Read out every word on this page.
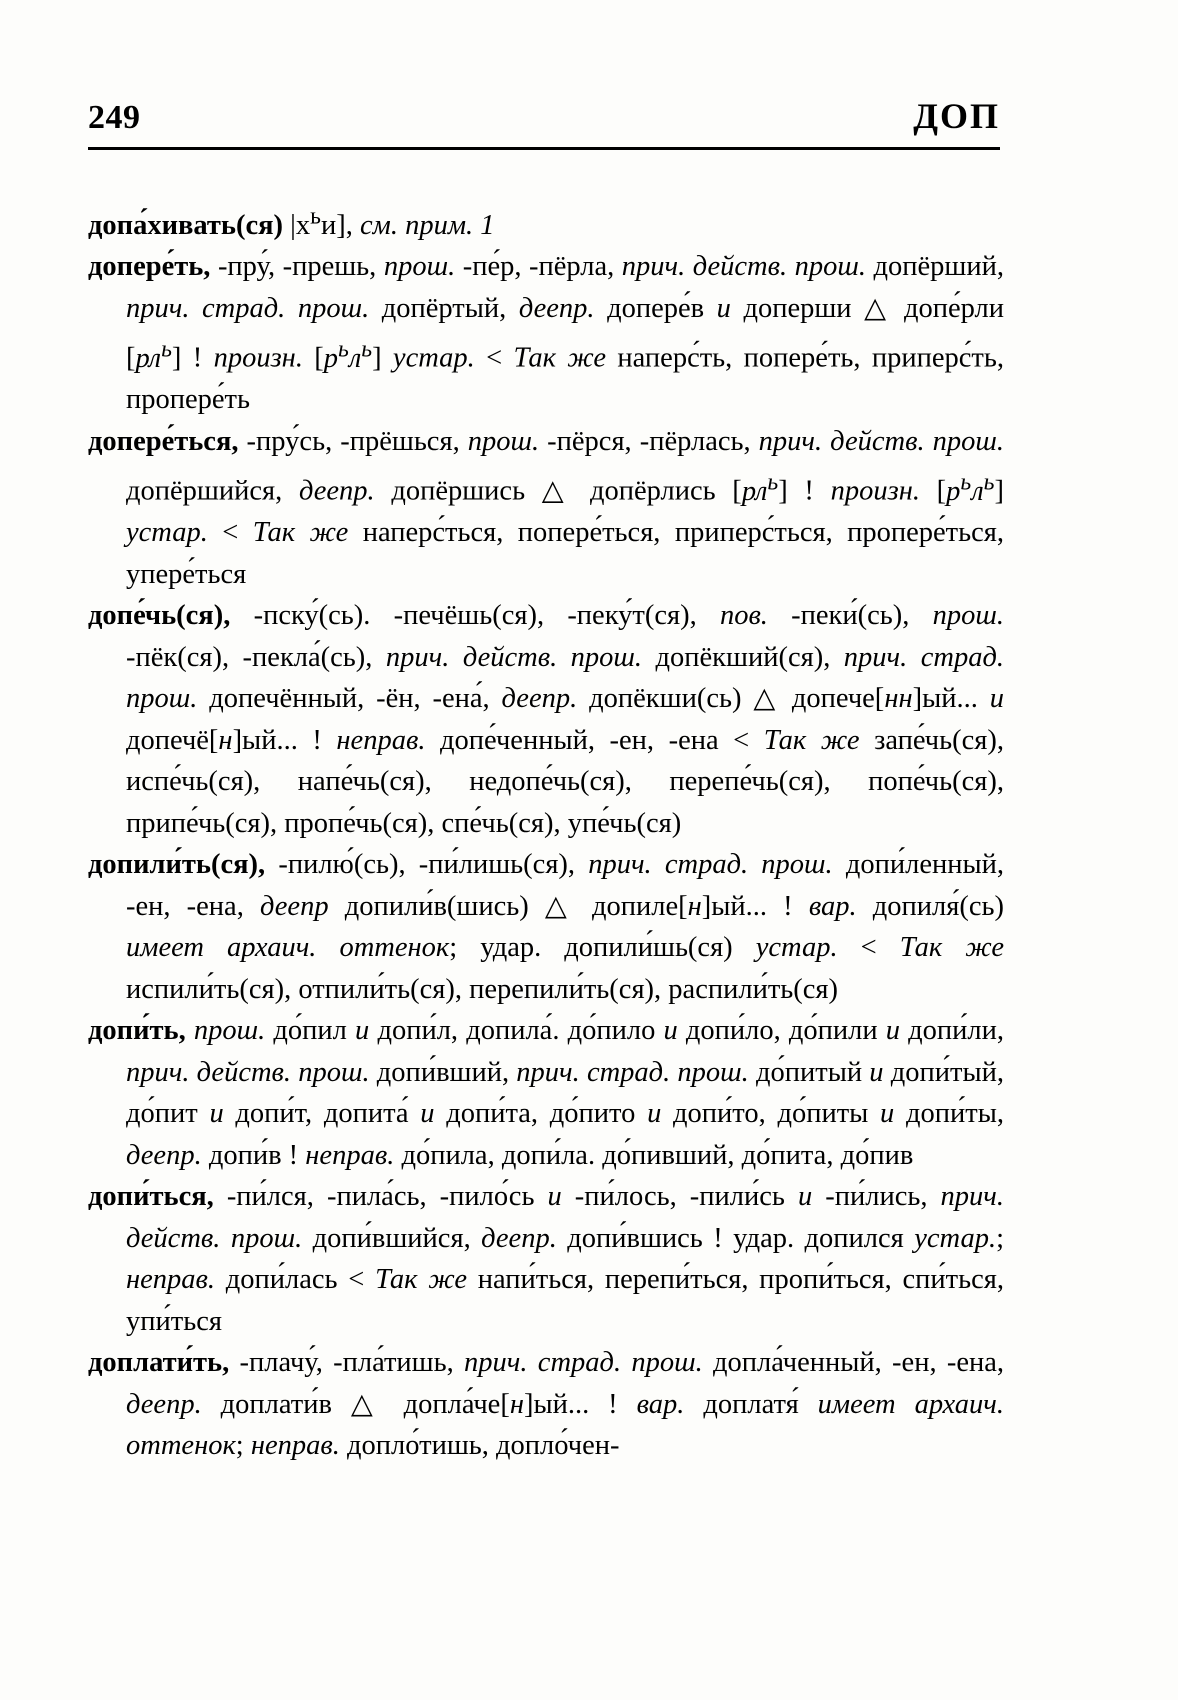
249	ДОП
допа́хивать(ся) $|х^ьи$], см. прим. 1
допере́ть, -пру́, -прешь, прош. -пе́р, -пёрла, прич. действ. прош. допёрший, прич. страд. прош. допёртый, деепр. допере́в и доперши △ допе́рли $[рл^ь]$ ! произн. $[р^ьл^ь]$ устар. < Так же наперс́ть, попере́ть, приперс́ть, пропере́ть
допере́ться, -пру́сь, -прёшься, прош. -пёрся, -пёрлась, прич. действ. прош. допёршийся, деепр. допёршись △ допёрлись $[рл^ь]$ ! произн. $[р^ьл^ь]$ устар. < Так же наперс́ться, попере́ться, приперс́ться, пропере́ться, упере́ться
допе́чь(ся), -пску́(сь). -печёшь(ся), -пеку́т(ся), пов. -пеки́(сь), прош. -пёк(ся), -пекла́(сь), прич. действ. прош. допёкший(ся), прич. страд. прош. допечённый, -ён, -ена́, деепр. допёкши(сь) △ допече[нн]ый... и допечё[н]ый... ! неправ. допе́ченный, -ен, -ена < Так же запе́чь(ся), испе́чь(ся), напе́чь(ся), недопе́чь(ся), перепе́чь(ся), попе́чь(ся), припе́чь(ся), пропе́чь(ся), спе́чь(ся), упе́чь(ся)
допили́ть(ся), -пилю́(сь), -пи́лишь(ся), прич. страд. прош. допи́ленный, -ен, -ена, деепр допили́в(шись) △ допиле[н]ый... ! вар. допиля́(сь) имеет архаич. оттенок; удар. допили́шь(ся) устар. < Так же испили́ть(ся), отпили́ть(ся), перепили́ть(ся), распили́ть(ся)
допи́ть, прош. до́пил и допи́л, допила́. до́пило и допи́ло, до́пили и допи́ли, прич. действ. прош. допи́вший, прич. страд. прош. до́питый и допи́тый, до́пит и допи́т, допита́ и допи́та, до́пито и допи́то, до́питы и допи́ты, деепр. допи́в ! неправ. до́пила, допи́ла. до́пивший, до́пита, до́пив
допи́ться, -пи́лся, -пила́сь, -пило́сь и -пи́лось, -пили́сь и -пи́лись, прич. действ. прош. допи́вшийся, деепр. допи́вшись ! удар. допился устар.; неправ. допи́лась < Так же напи́ться, перепи́ться, пропи́ться, спи́ться, упи́ться
доплати́ть, -плачу́, -пла́тишь, прич. страд. прош. допла́ченный, -ен, -ена, деепр. доплати́в △ допла́че[н]ый... ! вар. доплатя́ имеет архаич. оттенок; неправ. допло́тишь, допло́чен-
